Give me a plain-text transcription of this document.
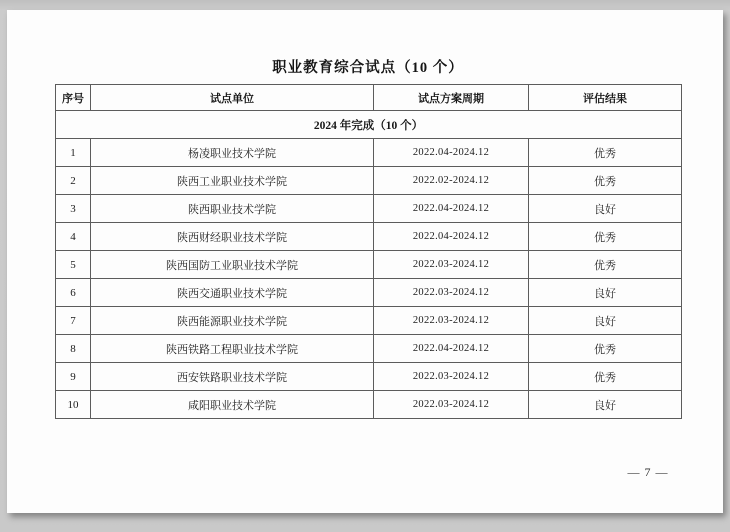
职业教育综合试点（10 个）
序号	试点单位	试点方案周期	评估结果
2024 年完成（10 个）			
1	杨凌职业技术学院	2022.04-2024.12	优秀
2	陕西工业职业技术学院	2022.02-2024.12	优秀
3	陕西职业技术学院	2022.04-2024.12	良好
4	陕西财经职业技术学院	2022.04-2024.12	优秀
5	陕西国防工业职业技术学院	2022.03-2024.12	优秀
6	陕西交通职业技术学院	2022.03-2024.12	良好
7	陕西能源职业技术学院	2022.03-2024.12	良好
8	陕西铁路工程职业技术学院	2022.04-2024.12	优秀
9	西安铁路职业技术学院	2022.03-2024.12	优秀
10	咸阳职业技术学院	2022.03-2024.12	良好
— 7 —
